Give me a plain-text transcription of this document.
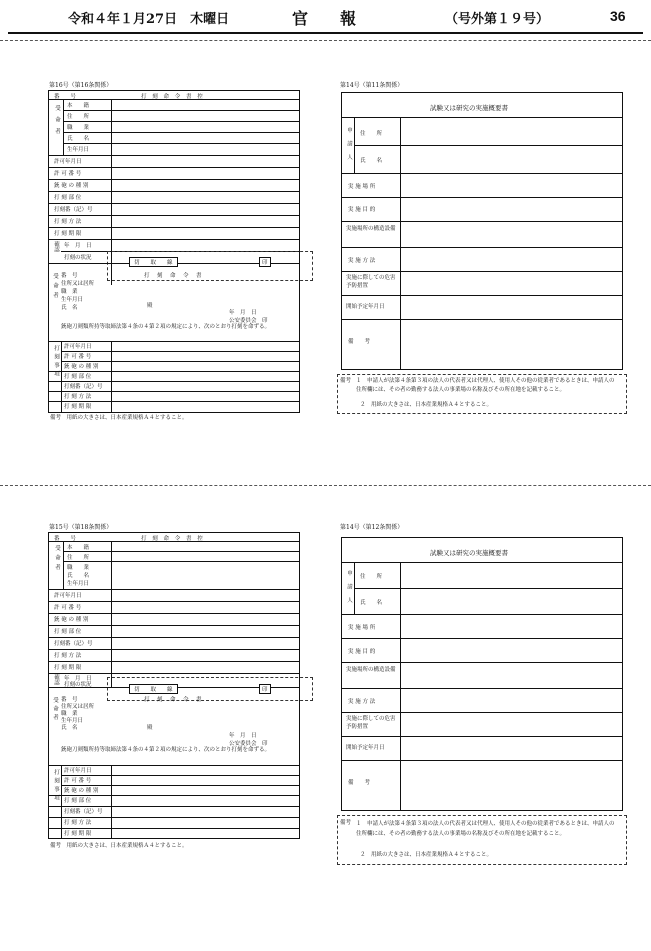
令和４年１月27日　木曜日	官　　報	（号外第１９号）	36
第16号（第16条関係）
番　　号	打 刻 命 令 書 控
受命者 本　　籍
住　　所
職　　業
氏　　名
生年月日
許可年月日
許 可 番 号
銃 砲 の 種 別
打 刻 部 位
打刻番（記）号
打 刻 方 法
打 刻 期 限
確認 年　月　日
打刻の状況
切　　取　　線	印
打　刻　命　令　書
番　号
住所又は居所
職　業
生年月日
氏　名
受命者
殿
年　月　日
公安委員会　印
銃砲刀剣類所持等取締法第４条の４第２項の規定により、次のとおり打刻を命ずる。
打刻事項 許可年月日
許 可 番 号
銃 砲 の 種 別
打 刻 部 位
打刻番（記）号
打 刻 方 法
打 刻 期 限
備考　用紙の大きさは、日本産業規格Ａ４とすること。
第14号（第11条関係）
試験又は研究の実施概要書
申請人 住　　所
氏　　名
実 施 場 所
実 施 目 的
実施場所の構造設備
実 施 方 法
実施に際しての危害予防措置
開始予定年月日
備　　考
備考 １　申請人が法第４条第３項の法人の代表者又は代理人、使用人その他の従業者であるときは、申請人の住所欄には、その者の勤務する法人の事業場の名称及びその所在地を記載すること。
２　用紙の大きさは、日本産業規格Ａ４とすること。
第15号（第18条関係）
番　　号	打 刻 命 令 書 控
受命者 本　　籍
住　　所
職　　業
氏　　名
生年月日
許可年月日
許 可 番 号
銃 砲 の 種 別
打 刻 部 位
打刻番（記）号
打 刻 方 法
打 刻 期 限
確認 年　月　日
打刻の状況
切　　取　　線	印
打　刻　命　令　書
番　号
住所又は居所
職　業
生年月日
氏　名
受命者
殿
年　月　日
公安委員会　印
銃砲刀剣類所持等取締法第４条の４第２項の規定により、次のとおり打刻を命ずる。
打刻事項 許可年月日
許 可 番 号
銃 砲 の 種 別
打 刻 部 位
打刻番（記）号
打 刻 方 法
打 刻 期 限
備考　用紙の大きさは、日本産業規格Ａ４とすること。
第14号（第12条関係）
試験又は研究の実施概要書
申請人 住　　所
氏　　名
実 施 場 所
実 施 目 的
実施場所の構造設備
実 施 方 法
実施に際しての危害予防措置
開始予定年月日
備　　考
備考 １　申請人が法第４条第３項の法人の代表者又は代理人、使用人その他の従業者であるときは、申請人の住所欄には、その者の勤務する法人の事業場の名称及びその所在地を記載すること。
２　用紙の大きさは、日本産業規格Ａ４とすること。
